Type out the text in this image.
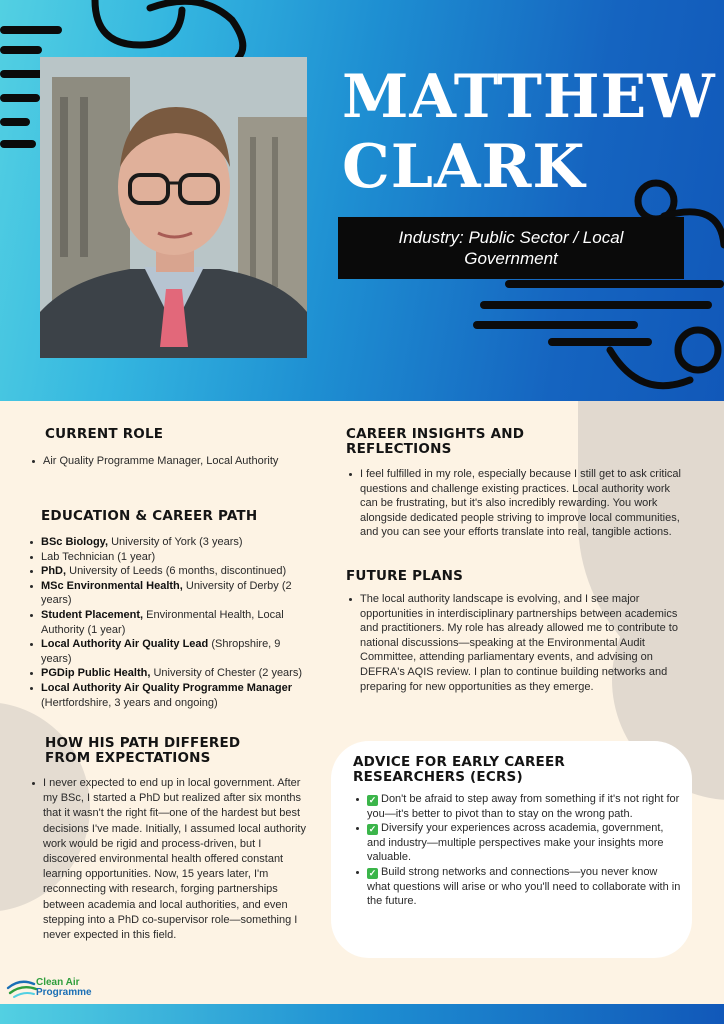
MATTHEW
CLARK
Industry: Public Sector / Local Government
CURRENT ROLE
Air Quality Programme Manager, Local Authority
EDUCATION & CAREER PATH
BSc Biology, University of York (3 years)
Lab Technician (1 year)
PhD, University of Leeds (6 months, discontinued)
MSc Environmental Health, University of Derby (2 years)
Student Placement, Environmental Health, Local Authority (1 year)
Local Authority Air Quality Lead (Shropshire, 9 years)
PGDip Public Health, University of Chester (2 years)
Local Authority Air Quality Programme Manager (Hertfordshire, 3 years and ongoing)
HOW HIS PATH DIFFERED
FROM EXPECTATIONS
I never expected to end up in local government. After my BSc, I started a PhD but realized after six months that it wasn't the right fit—one of the hardest but best decisions I've made. Initially, I assumed local authority work would be rigid and process-driven, but I discovered environmental health offered constant learning opportunities. Now, 15 years later, I'm reconnecting with research, forging partnerships between academia and local authorities, and even stepping into a PhD co-supervisor role—something I never expected in this field.
CAREER INSIGHTS AND
REFLECTIONS
I feel fulfilled in my role, especially because I still get to ask critical questions and challenge existing practices. Local authority work can be frustrating, but it's also incredibly rewarding. You work alongside dedicated people striving to improve local communities, and you can see your efforts translate into real, tangible actions.
FUTURE PLANS
The local authority landscape is evolving, and I see major opportunities in interdisciplinary partnerships between academics and practitioners. My role has already allowed me to contribute to national discussions—speaking at the Environmental Audit Committee, attending parliamentary events, and advising on DEFRA's AQIS review. I plan to continue building networks and preparing for new opportunities as they emerge.
ADVICE FOR EARLY CAREER
RESEARCHERS (ECRS)
✓ Don't be afraid to step away from something if it's not right for you—it's better to pivot than to stay on the wrong path.
✓ Diversify your experiences across academia, government, and industry—multiple perspectives make your insights more valuable.
✓ Build strong networks and connections—you never know what questions will arise or who you'll need to collaborate with in the future.
Clean Air
Programme
